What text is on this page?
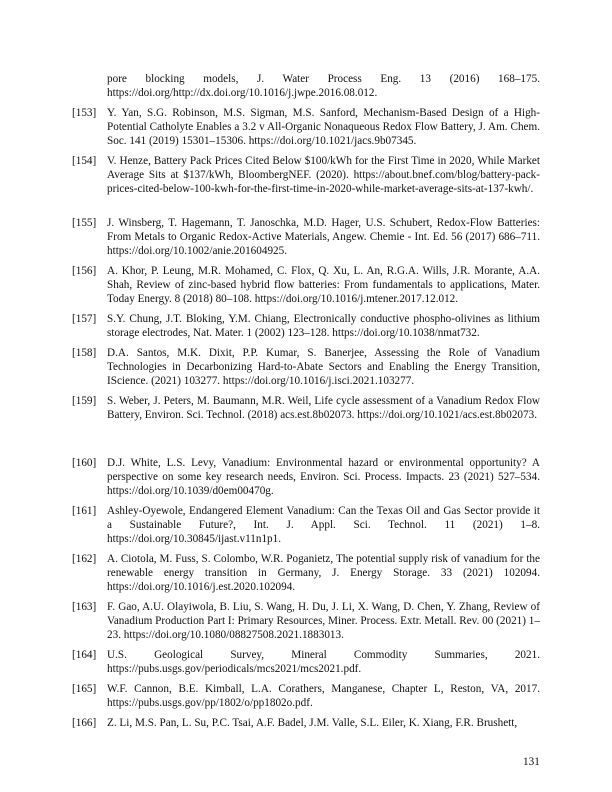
pore blocking models, J. Water Process Eng. 13 (2016) 168–175. https://doi.org/http://dx.doi.org/10.1016/j.jwpe.2016.08.012.
[153] Y. Yan, S.G. Robinson, M.S. Sigman, M.S. Sanford, Mechanism-Based Design of a High-Potential Catholyte Enables a 3.2 v All-Organic Nonaqueous Redox Flow Battery, J. Am. Chem. Soc. 141 (2019) 15301–15306. https://doi.org/10.1021/jacs.9b07345.
[154] V. Henze, Battery Pack Prices Cited Below $100/kWh for the First Time in 2020, While Market Average Sits at $137/kWh, BloombergNEF. (2020). https://about.bnef.com/blog/battery-pack-prices-cited-below-100-kwh-for-the-first-time-in-2020-while-market-average-sits-at-137-kwh/.
[155] J. Winsberg, T. Hagemann, T. Janoschka, M.D. Hager, U.S. Schubert, Redox-Flow Batteries: From Metals to Organic Redox-Active Materials, Angew. Chemie - Int. Ed. 56 (2017) 686–711. https://doi.org/10.1002/anie.201604925.
[156] A. Khor, P. Leung, M.R. Mohamed, C. Flox, Q. Xu, L. An, R.G.A. Wills, J.R. Morante, A.A. Shah, Review of zinc-based hybrid flow batteries: From fundamentals to applications, Mater. Today Energy. 8 (2018) 80–108. https://doi.org/10.1016/j.mtener.2017.12.012.
[157] S.Y. Chung, J.T. Bloking, Y.M. Chiang, Electronically conductive phospho-olivines as lithium storage electrodes, Nat. Mater. 1 (2002) 123–128. https://doi.org/10.1038/nmat732.
[158] D.A. Santos, M.K. Dixit, P.P. Kumar, S. Banerjee, Assessing the Role of Vanadium Technologies in Decarbonizing Hard-to-Abate Sectors and Enabling the Energy Transition, IScience. (2021) 103277. https://doi.org/10.1016/j.isci.2021.103277.
[159] S. Weber, J. Peters, M. Baumann, M.R. Weil, Life cycle assessment of a Vanadium Redox Flow Battery, Environ. Sci. Technol. (2018) acs.est.8b02073. https://doi.org/10.1021/acs.est.8b02073.
[160] D.J. White, L.S. Levy, Vanadium: Environmental hazard or environmental opportunity? A perspective on some key research needs, Environ. Sci. Process. Impacts. 23 (2021) 527–534. https://doi.org/10.1039/d0em00470g.
[161] Ashley-Oyewole, Endangered Element Vanadium: Can the Texas Oil and Gas Sector provide it a Sustainable Future?, Int. J. Appl. Sci. Technol. 11 (2021) 1–8. https://doi.org/10.30845/ijast.v11n1p1.
[162] A. Ciotola, M. Fuss, S. Colombo, W.R. Poganietz, The potential supply risk of vanadium for the renewable energy transition in Germany, J. Energy Storage. 33 (2021) 102094. https://doi.org/10.1016/j.est.2020.102094.
[163] F. Gao, A.U. Olayiwola, B. Liu, S. Wang, H. Du, J. Li, X. Wang, D. Chen, Y. Zhang, Review of Vanadium Production Part I: Primary Resources, Miner. Process. Extr. Metall. Rev. 00 (2021) 1–23. https://doi.org/10.1080/08827508.2021.1883013.
[164] U.S. Geological Survey, Mineral Commodity Summaries, 2021. https://pubs.usgs.gov/periodicals/mcs2021/mcs2021.pdf.
[165] W.F. Cannon, B.E. Kimball, L.A. Corathers, Manganese, Chapter L, Reston, VA, 2017. https://pubs.usgs.gov/pp/1802/o/pp1802o.pdf.
[166] Z. Li, M.S. Pan, L. Su, P.C. Tsai, A.F. Badel, J.M. Valle, S.L. Eiler, K. Xiang, F.R. Brushett,
131
